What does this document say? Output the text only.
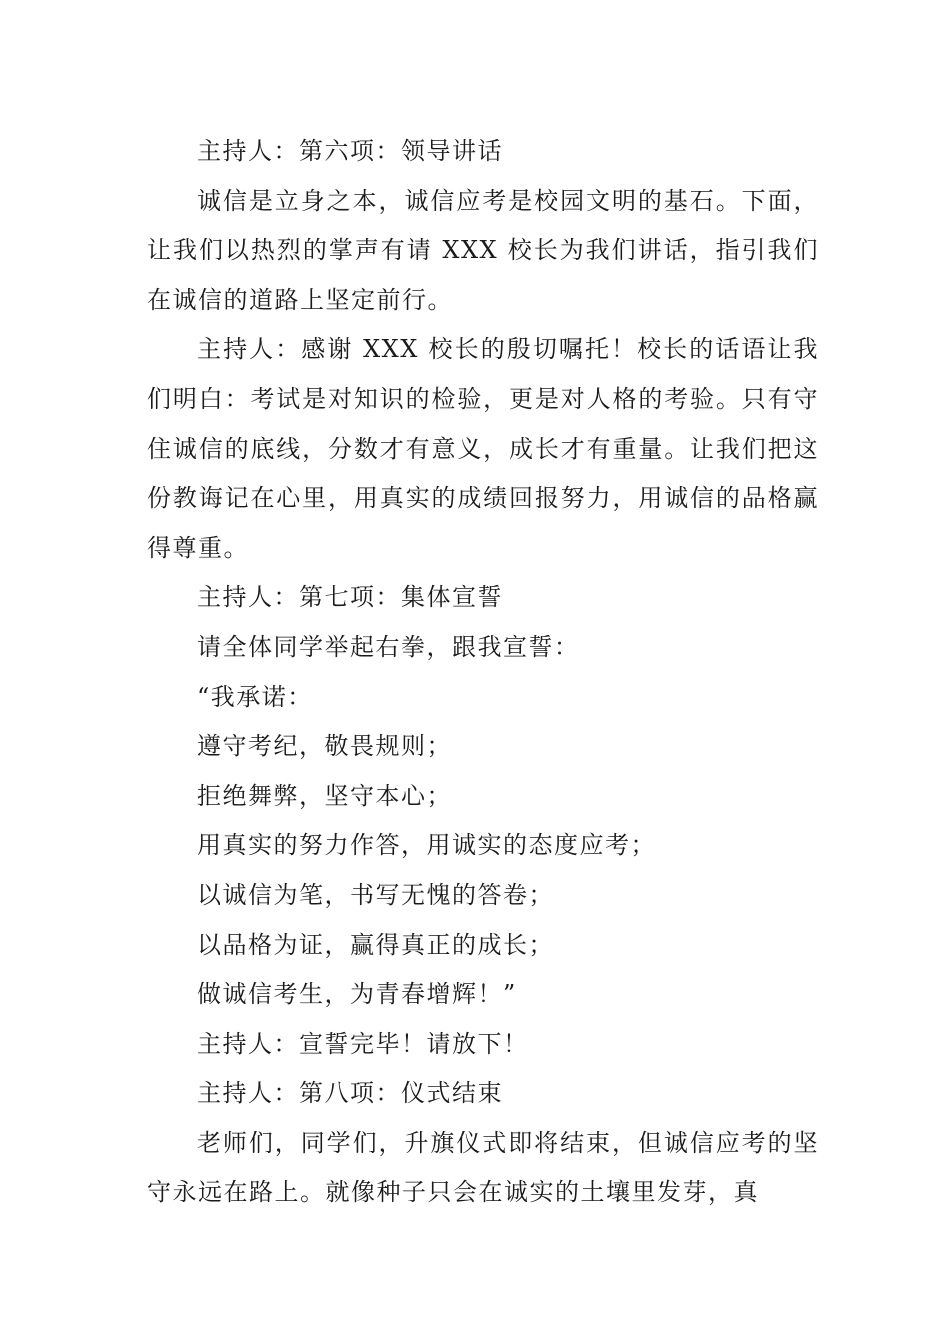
主持人：第六项：领导讲话

诚信是立身之本，诚信应考是校园文明的基石。下面，让我们以热烈的掌声有请 XXX 校长为我们讲话，指引我们在诚信的道路上坚定前行。

主持人：感谢 XXX 校长的殷切嘱托！校长的话语让我们明白：考试是对知识的检验，更是对人格的考验。只有守住诚信的底线，分数才有意义，成长才有重量。让我们把这份教诲记在心里，用真实的成绩回报努力，用诚信的品格赢得尊重。

主持人：第七项：集体宣誓

请全体同学举起右拳，跟我宣誓：

“我承诺：

遵守考纪，敬畏规则；

拒绝舞弊，坚守本心；

用真实的努力作答，用诚实的态度应考；

以诚信为笔，书写无愧的答卷；

以品格为证，赢得真正的成长；

做诚信考生，为青春增辉！”

主持人：宣誓完毕！请放下！

主持人：第八项：仪式结束

老师们，同学们，升旗仪式即将结束，但诚信应考的坚守永远在路上。就像种子只会在诚实的土壤里发芽，真
